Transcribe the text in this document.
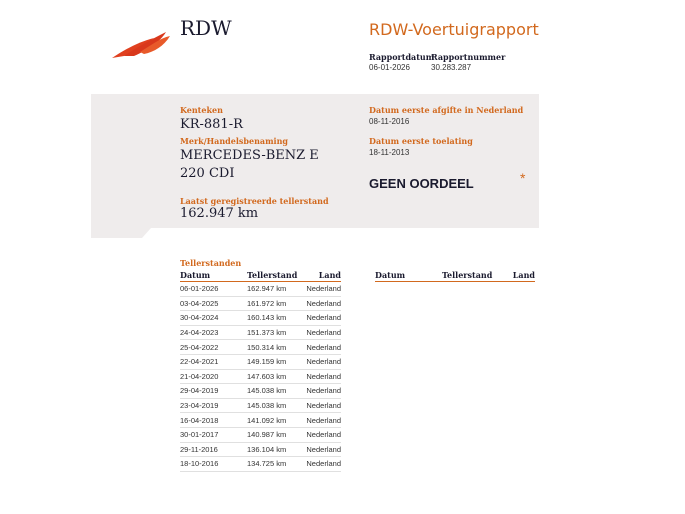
RDW	RDW-Voertuigrapport
Rapportdatum
06-01-2026
Rapportnummer
30.283.287
Kenteken
KR-881-R
Merk/Handelsbenaming
MERCEDES-BENZ E
220 CDI
Laatst geregistreerde tellerstand
162.947 km
Datum eerste afgifte in Nederland
08-11-2016
Datum eerste toelating
18-11-2013
GEEN OORDEEL	*
Tellerstanden
Datum	Tellerstand	Land
06-01-2026	162.947 km	Nederland
03-04-2025	161.972 km	Nederland
30-04-2024	160.143 km	Nederland
24-04-2023	151.373 km	Nederland
25-04-2022	150.314 km	Nederland
22-04-2021	149.159 km	Nederland
21-04-2020	147.603 km	Nederland
29-04-2019	145.038 km	Nederland
23-04-2019	145.038 km	Nederland
16-04-2018	141.092 km	Nederland
30-01-2017	140.987 km	Nederland
29-11-2016	136.104 km	Nederland
18-10-2016	134.725 km	Nederland
Datum	Tellerstand	Land
